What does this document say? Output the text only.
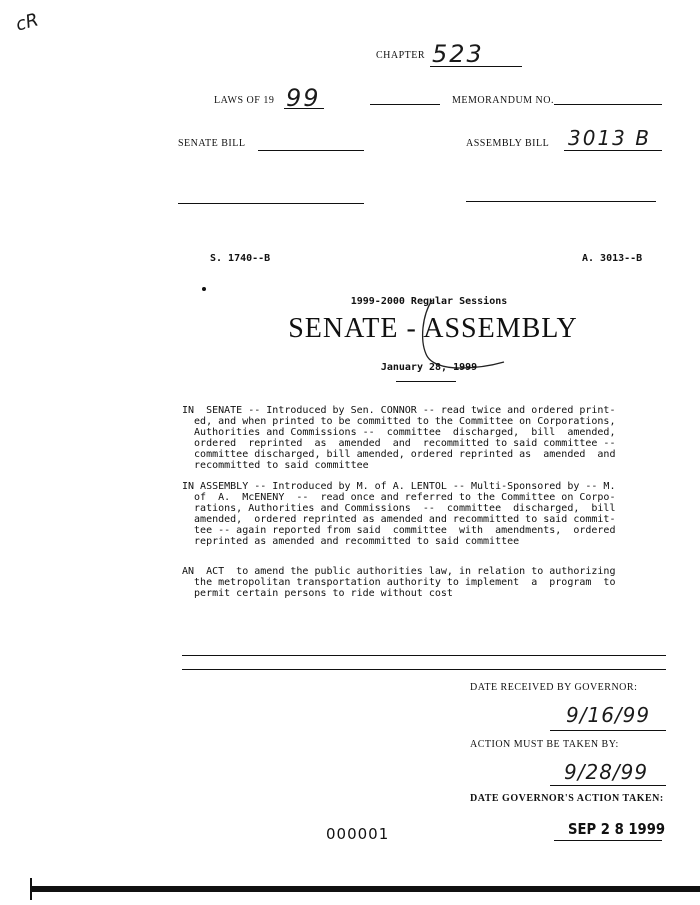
cR
CHAPTER 523
LAWS OF 19 99	MEMORANDUM NO.
SENATE BILL	ASSEMBLY BILL 3013 B
S. 1740--B	A. 3013--B
1999-2000 Regular Sessions
SENATE - ASSEMBLY
January 28, 1999
IN  SENATE -- Introduced by Sen. CONNOR -- read twice and ordered print-
ed, and when printed to be committed to the Committee on Corporations,
Authorities and Commissions --  committee  discharged,  bill  amended,
ordered  reprinted  as  amended  and  recommitted to said committee --
committee discharged, bill amended, ordered reprinted as  amended  and
recommitted to said committee
IN ASSEMBLY -- Introduced by M. of A. LENTOL -- Multi-Sponsored by -- M.
of  A.  McENENY  --  read once and referred to the Committee on Corpo-
rations, Authorities and Commissions  --  committee  discharged,  bill
amended,  ordered reprinted as amended and recommitted to said commit-
tee -- again reported from said  committee  with  amendments,  ordered
reprinted as amended and recommitted to said committee
AN  ACT  to amend the public authorities law, in relation to authorizing
the metropolitan transportation authority to implement  a  program  to
permit certain persons to ride without cost
DATE RECEIVED BY GOVERNOR:
9/16/99
ACTION MUST BE TAKEN BY:
9/28/99
DATE GOVERNOR'S ACTION TAKEN:
000001	SEP 2 8 1999
